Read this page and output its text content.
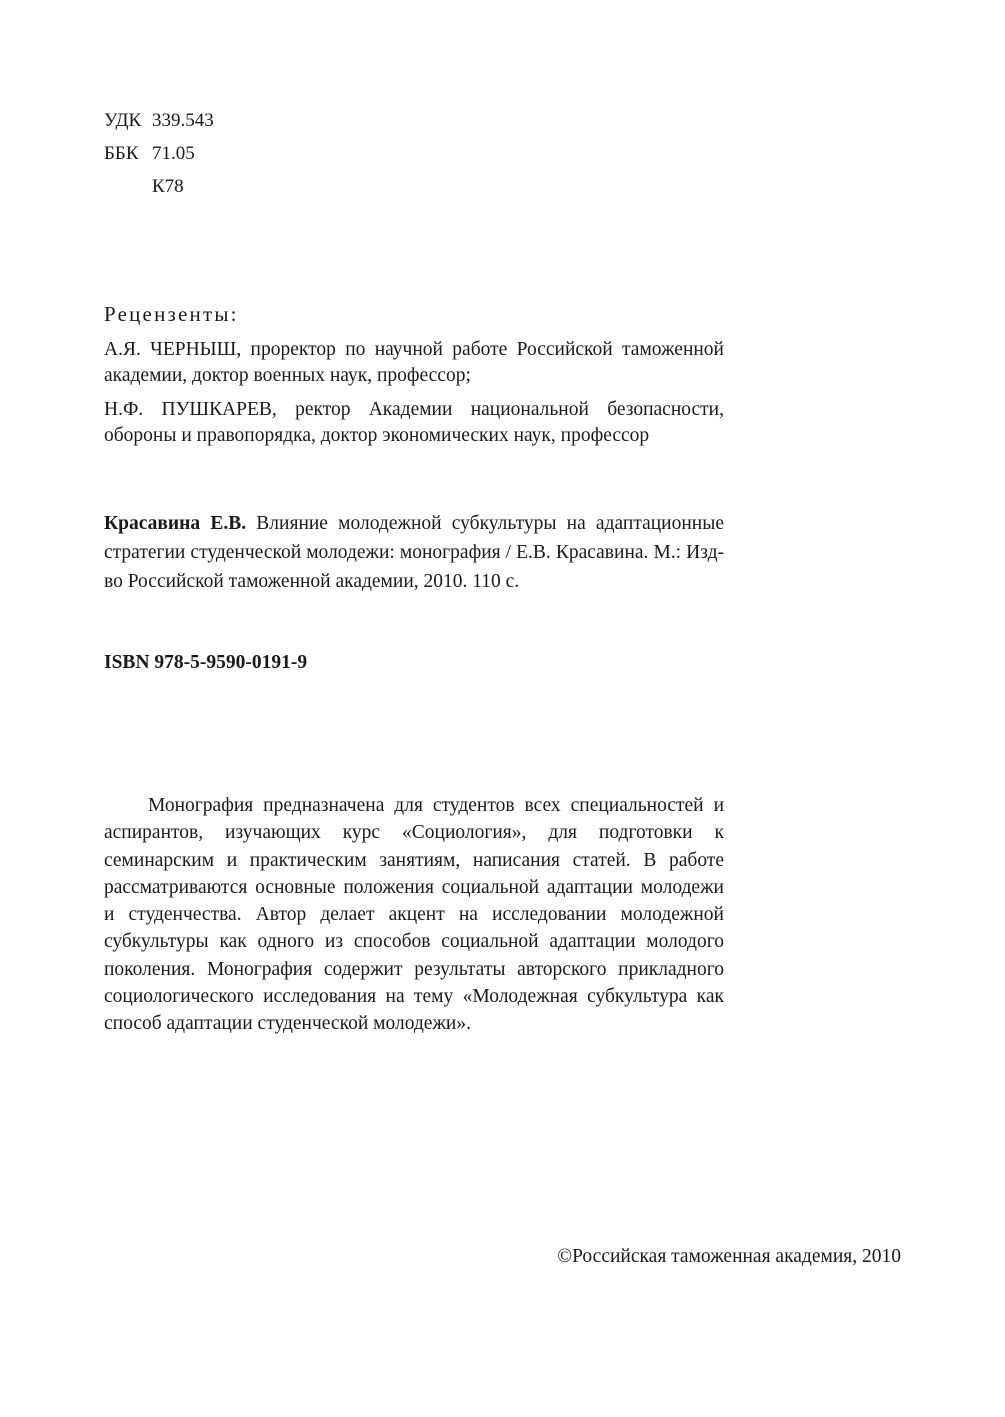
УДК 339.543
ББК 71.05
К78
Рецензенты:
А.Я. ЧЕРНЫШ, проректор по научной работе Российской таможенной академии, доктор военных наук, профессор;
Н.Ф. ПУШКАРЕВ, ректор Академии национальной безопасности, обороны и правопорядка, доктор экономических наук, профессор
Красавина Е.В. Влияние молодежной субкультуры на адаптационные стратегии студенческой молодежи: монография / Е.В. Красавина. М.: Изд-во Российской таможенной академии, 2010. 110 с.
ISBN 978-5-9590-0191-9
Монография предназначена для студентов всех специальностей и аспирантов, изучающих курс «Социология», для подготовки к семинарским и практическим занятиям, написания статей. В работе рассматриваются основные положения социальной адаптации молодежи и студенчества. Автор делает акцент на исследовании молодежной субкультуры как одного из способов социальной адаптации молодого поколения. Монография содержит результаты авторского прикладного социологического исследования на тему «Молодежная субкультура как способ адаптации студенческой молодежи».
©Российская таможенная академия, 2010
